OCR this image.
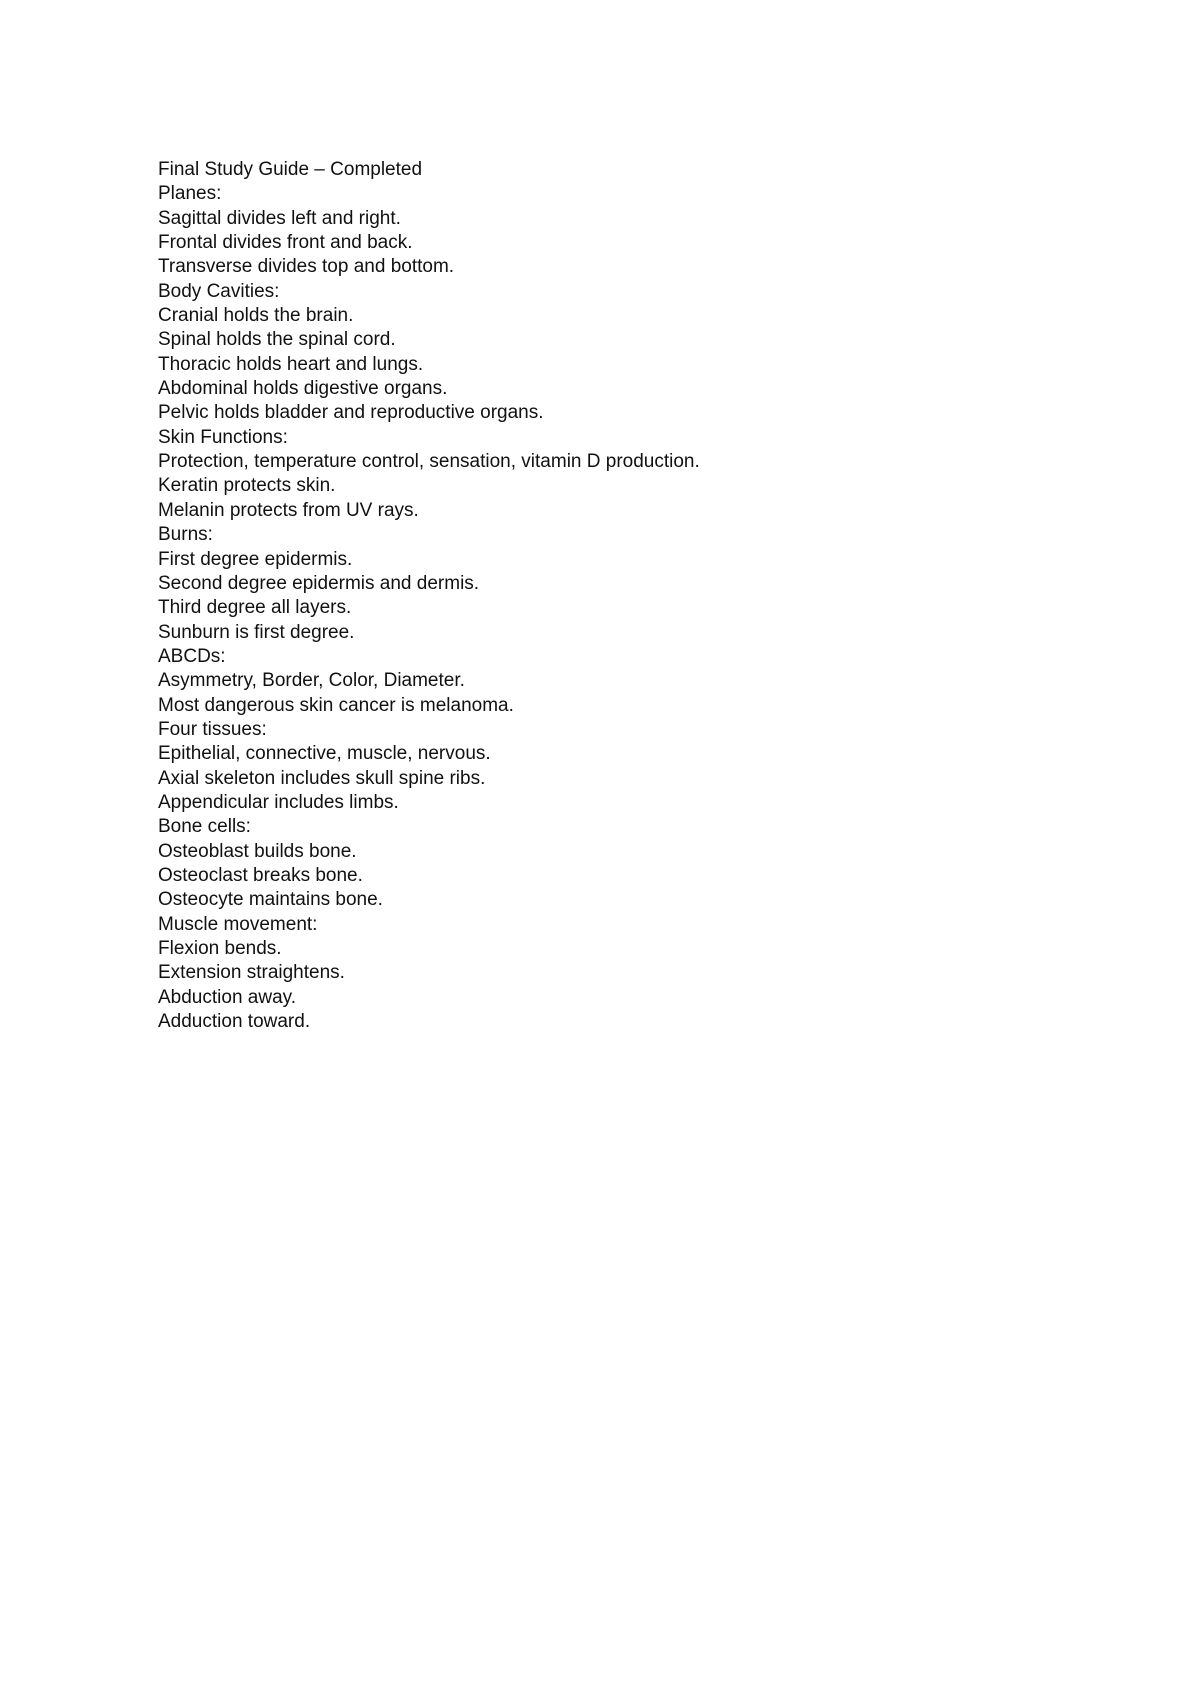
Final Study Guide – Completed
Planes:
Sagittal divides left and right.
Frontal divides front and back.
Transverse divides top and bottom.
Body Cavities:
Cranial holds the brain.
Spinal holds the spinal cord.
Thoracic holds heart and lungs.
Abdominal holds digestive organs.
Pelvic holds bladder and reproductive organs.
Skin Functions:
Protection, temperature control, sensation, vitamin D production.
Keratin protects skin.
Melanin protects from UV rays.
Burns:
First degree epidermis.
Second degree epidermis and dermis.
Third degree all layers.
Sunburn is first degree.
ABCDs:
Asymmetry, Border, Color, Diameter.
Most dangerous skin cancer is melanoma.
Four tissues:
Epithelial, connective, muscle, nervous.
Axial skeleton includes skull spine ribs.
Appendicular includes limbs.
Bone cells:
Osteoblast builds bone.
Osteoclast breaks bone.
Osteocyte maintains bone.
Muscle movement:
Flexion bends.
Extension straightens.
Abduction away.
Adduction toward.
